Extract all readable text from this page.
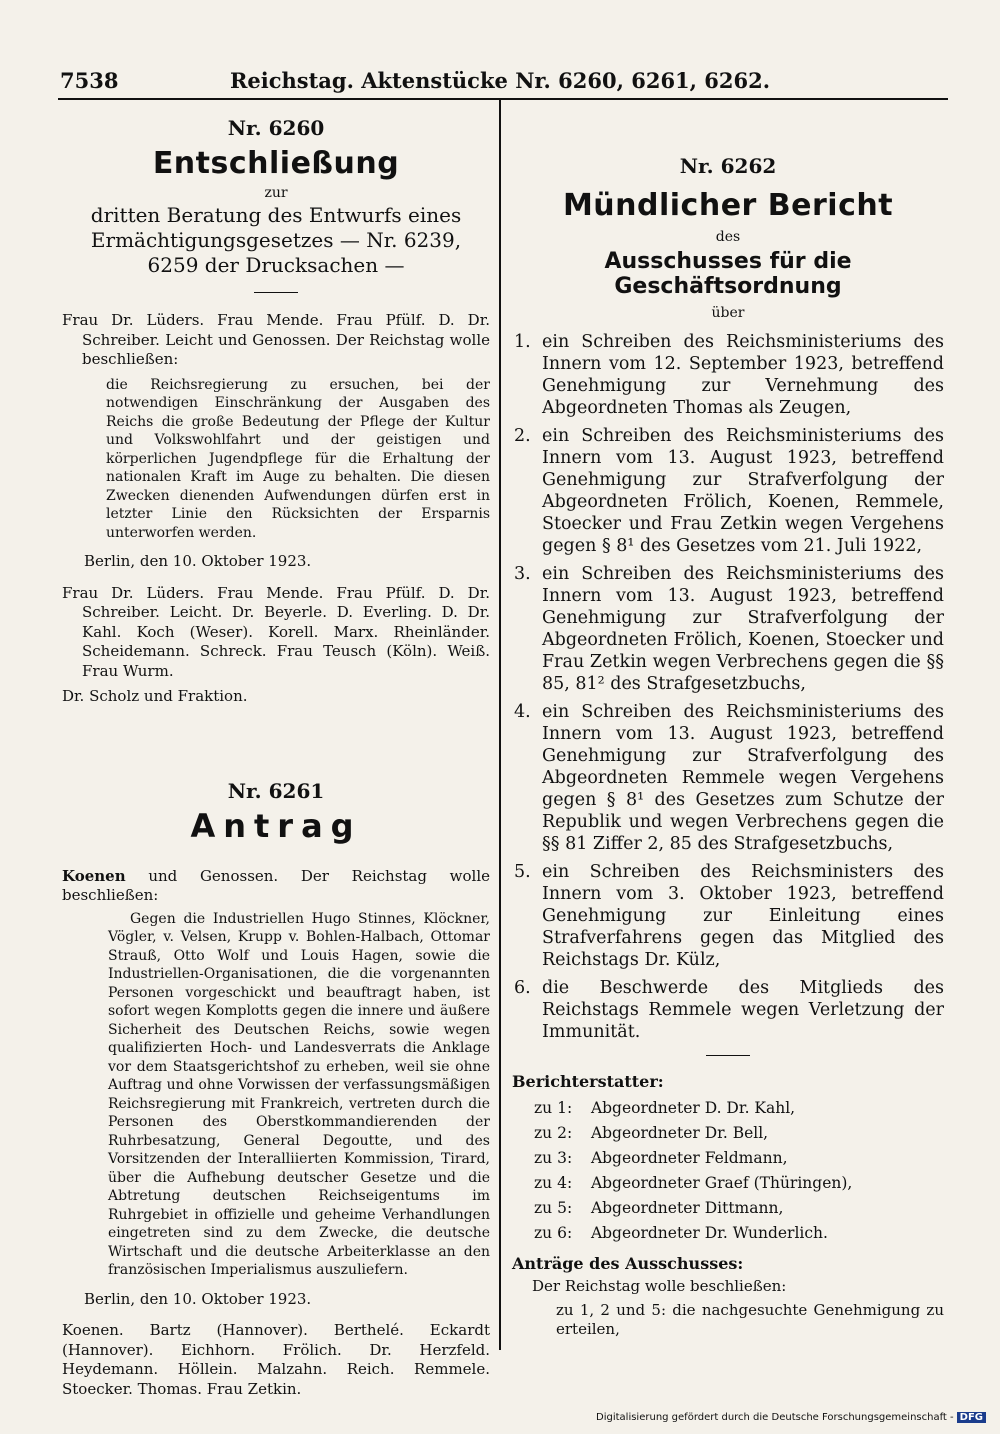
7538	Reichstag. Aktenstücke Nr. 6260, 6261, 6262.
Nr. 6260
Entschließung
zur
dritten Beratung des Entwurfs eines Ermächtigungsgesetzes — Nr. 6239, 6259 der Drucksachen —
Frau Dr. Lüders. Frau Mende. Frau Pfülf. D. Dr. Schreiber. Leicht und Genossen. Der Reichstag wolle beschließen:
die Reichsregierung zu ersuchen, bei der notwendigen Einschränkung der Ausgaben des Reichs die große Bedeutung der Pflege der Kultur und Volkswohlfahrt und der geistigen und körperlichen Jugendpflege für die Erhaltung der nationalen Kraft im Auge zu behalten. Die diesen Zwecken dienenden Aufwendungen dürfen erst in letzter Linie den Rücksichten der Ersparnis unterworfen werden.
Berlin, den 10. Oktober 1923.
Frau Dr. Lüders. Frau Mende. Frau Pfülf. D. Dr. Schreiber. Leicht. Dr. Beyerle. D. Everling. D. Dr. Kahl. Koch (Weser). Korell. Marx. Rheinländer. Scheidemann. Schreck. Frau Teusch (Köln). Weiß. Frau Wurm.
Dr. Scholz und Fraktion.
Nr. 6261
Antrag
Koenen und Genossen. Der Reichstag wolle beschließen:
Gegen die Industriellen Hugo Stinnes, Klöckner, Vögler, v. Velsen, Krupp v. Bohlen-Halbach, Ottomar Strauß, Otto Wolf und Louis Hagen, sowie die Industriellen-Organisationen, die die vorgenannten Personen vorgeschickt und beauftragt haben, ist sofort wegen Komplotts gegen die innere und äußere Sicherheit des Deutschen Reichs, sowie wegen qualifizierten Hoch- und Landesverrats die Anklage vor dem Staatsgerichtshof zu erheben, weil sie ohne Auftrag und ohne Vorwissen der verfassungsmäßigen Reichsregierung mit Frankreich, vertreten durch die Personen des Oberstkommandierenden der Ruhrbesatzung, General Degoutte, und des Vorsitzenden der Interalliierten Kommission, Tirard, über die Aufhebung deutscher Gesetze und die Abtretung deutschen Reichseigentums im Ruhrgebiet in offizielle und geheime Verhandlungen eingetreten sind zu dem Zwecke, die deutsche Wirtschaft und die deutsche Arbeiterklasse an den französischen Imperialismus auszuliefern.
Berlin, den 10. Oktober 1923.
Koenen. Bartz (Hannover). Berthelé. Eckardt (Hannover). Eichhorn. Frölich. Dr. Herzfeld. Heydemann. Höllein. Malzahn. Reich. Remmele. Stoecker. Thomas. Frau Zetkin.
Nr. 6262
Mündlicher Bericht
des
Ausschusses für die Geschäftsordnung
über
1. ein Schreiben des Reichsministeriums des Innern vom 12. September 1923, betreffend Genehmigung zur Vernehmung des Abgeordneten Thomas als Zeugen,
2. ein Schreiben des Reichsministeriums des Innern vom 13. August 1923, betreffend Genehmigung zur Strafverfolgung der Abgeordneten Frölich, Koenen, Remmele, Stoecker und Frau Zetkin wegen Vergehens gegen § 8¹ des Gesetzes vom 21. Juli 1922,
3. ein Schreiben des Reichsministeriums des Innern vom 13. August 1923, betreffend Genehmigung zur Strafverfolgung der Abgeordneten Frölich, Koenen, Stoecker und Frau Zetkin wegen Verbrechens gegen die §§ 85, 81² des Strafgesetzbuchs,
4. ein Schreiben des Reichsministeriums des Innern vom 13. August 1923, betreffend Genehmigung zur Strafverfolgung des Abgeordneten Remmele wegen Vergehens gegen § 8¹ des Gesetzes zum Schutze der Republik und wegen Verbrechens gegen die §§ 81 Ziffer 2, 85 des Strafgesetzbuchs,
5. ein Schreiben des Reichsministers des Innern vom 3. Oktober 1923, betreffend Genehmigung zur Einleitung eines Strafverfahrens gegen das Mitglied des Reichstags Dr. Külz,
6. die Beschwerde des Mitglieds des Reichstags Remmele wegen Verletzung der Immunität.
Berichterstatter:
zu 1: Abgeordneter D. Dr. Kahl,
zu 2: Abgeordneter Dr. Bell,
zu 3: Abgeordneter Feldmann,
zu 4: Abgeordneter Graef (Thüringen),
zu 5: Abgeordneter Dittmann,
zu 6: Abgeordneter Dr. Wunderlich.
Anträge des Ausschusses:
Der Reichstag wolle beschließen:
zu 1, 2 und 5: die nachgesuchte Genehmigung zu erteilen,
Digitalisierung gefördert durch die Deutsche Forschungsgemeinschaft - DFG
